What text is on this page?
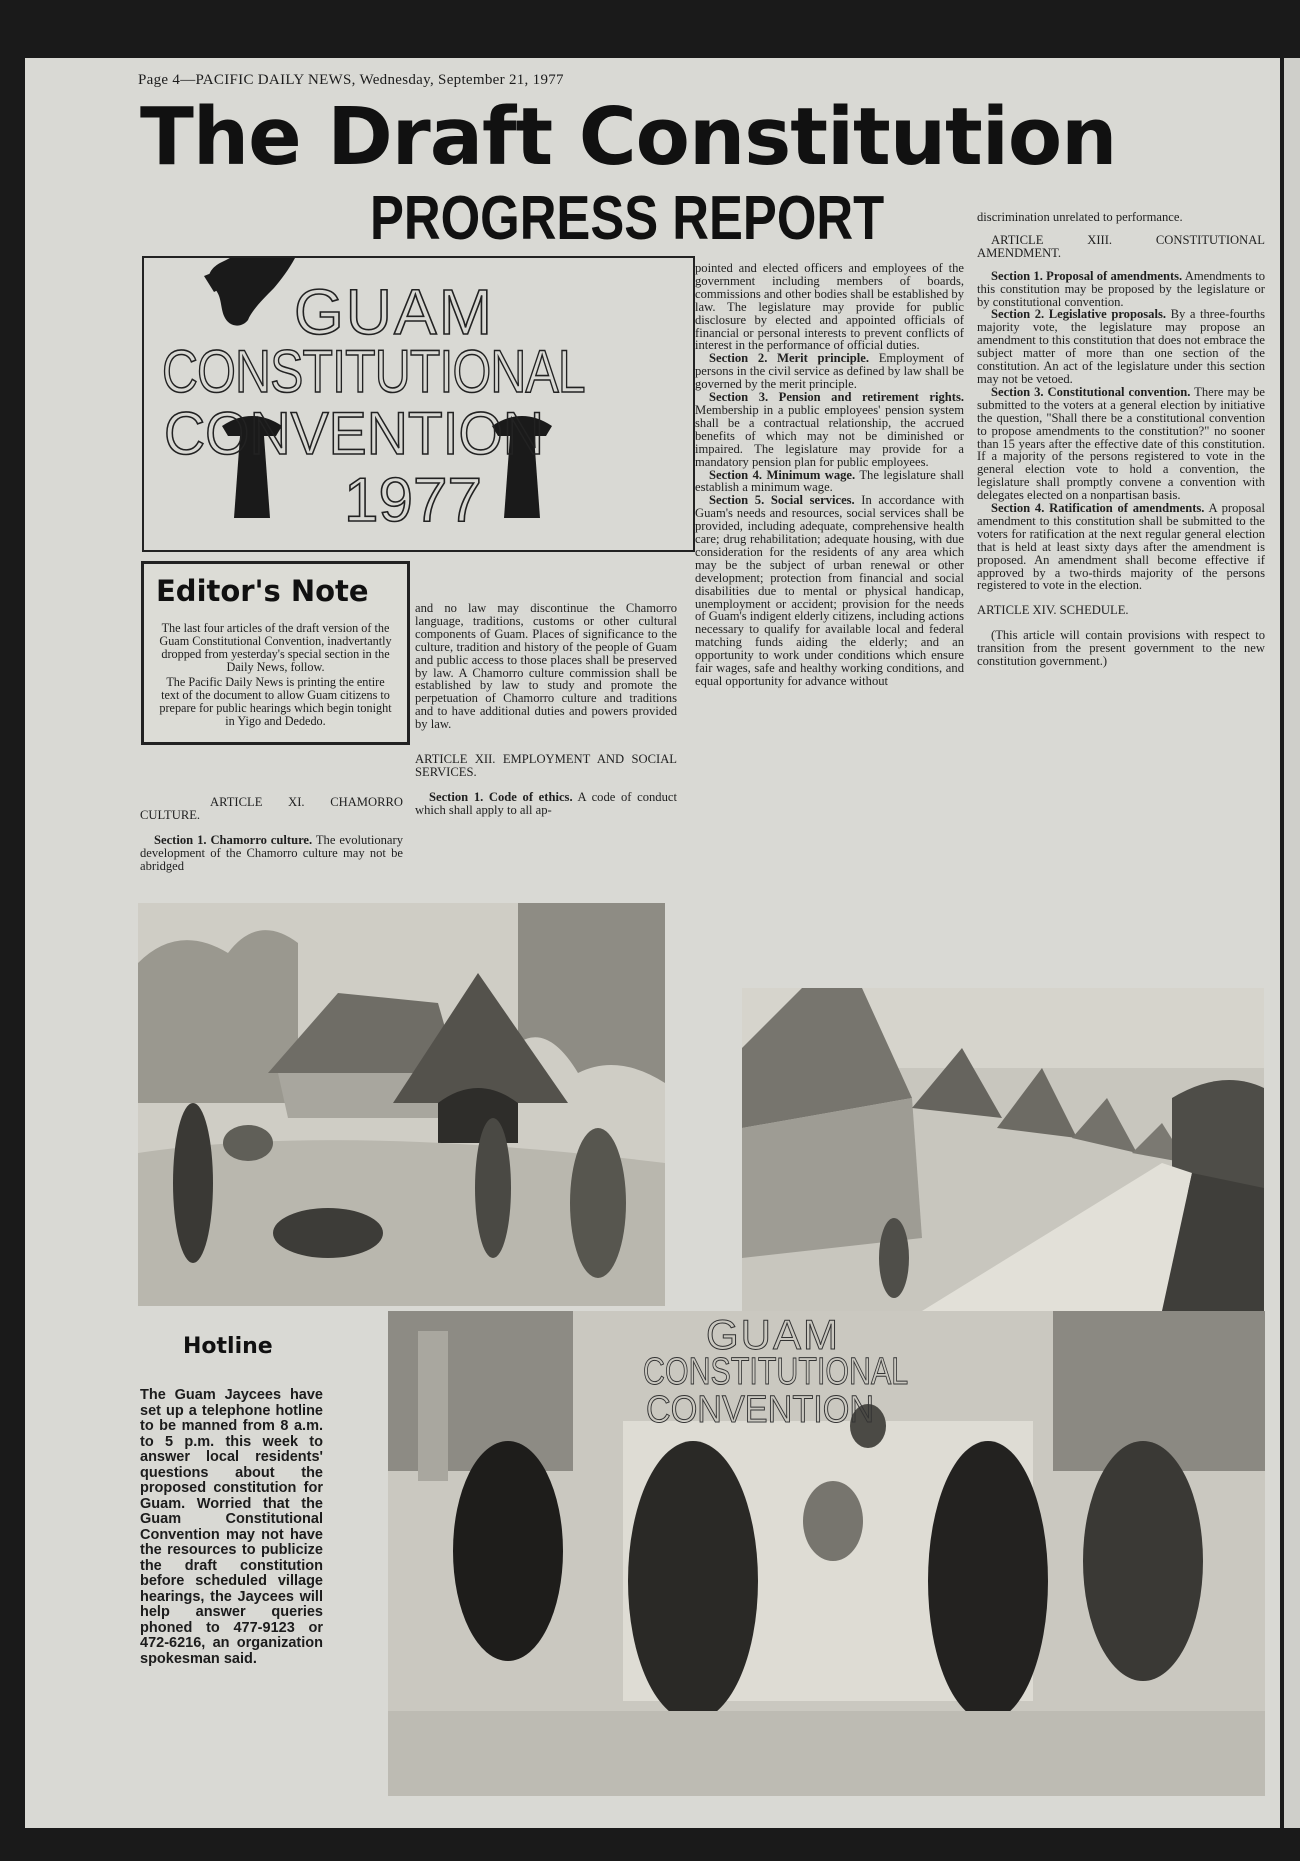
Page 4—PACIFIC DAILY NEWS, Wednesday, September 21, 1977
The Draft Constitution
PROGRESS REPORT
GUAM
CONSTITUTIONAL
CONVENTION
1977
Editor's Note

The last four articles of the draft version of the Guam Constitutional Convention, inadvertantly dropped from yesterday's special section in the Daily News, follow.

The Pacific Daily News is printing the entire text of the document to allow Guam citizens to prepare for public hearings which begin tonight in Yigo and Dededo.

ARTICLE XI. CHAMORRO CULTURE.

Section 1. Chamorro culture. The evolutionary development of the Chamorro culture may not be abridged

and no law may discontinue the Chamorro language, traditions, customs or other cultural components of Guam. Places of significance to the culture, tradition and history of the people of Guam and public access to those places shall be preserved by law. A Chamorro culture commission shall be established by law to study and promote the perpetuation of Chamorro culture and traditions and to have additional duties and powers provided by law.

ARTICLE XII. EMPLOYMENT AND SOCIAL SERVICES.

Section 1. Code of ethics. A code of conduct which shall apply to all ap-

pointed and elected officers and employees of the government including members of boards, commissions and other bodies shall be established by law. The legislature may provide for public disclosure by elected and appointed officials of financial or personal interests to prevent conflicts of interest in the performance of official duties.

Section 2. Merit principle. Employment of persons in the civil service as defined by law shall be governed by the merit principle.

Section 3. Pension and retirement rights. Membership in a public employees' pension system shall be a contractual relationship, the accrued benefits of which may not be diminished or impaired. The legislature may provide for a mandatory pension plan for public employees.

Section 4. Minimum wage. The legislature shall establish a minimum wage.

Section 5. Social services. In accordance with Guam's needs and resources, social services shall be provided, including adequate, comprehensive health care; drug rehabilitation; adequate housing, with due consideration for the residents of any area which may be the subject of urban renewal or other development; protection from financial and social disabilities due to mental or physical handicap, unemployment or accident; provision for the needs of Guam's indigent elderly citizens, including actions necessary to qualify for available local and federal matching funds aiding the elderly; and an opportunity to work under conditions which ensure fair wages, safe and healthy working conditions, and equal opportunity for advance without

discrimination unrelated to performance.

ARTICLE XIII. CONSTITUTIONAL AMENDMENT.

Section 1. Proposal of amendments. Amendments to this constitution may be proposed by the legislature or by constitutional convention.

Section 2. Legislative proposals. By a three-fourths majority vote, the legislature may propose an amendment to this constitution that does not embrace the subject matter of more than one section of the constitution. An act of the legislature under this section may not be vetoed.

Section 3. Constitutional convention. There may be submitted to the voters at a general election by initiative the question, "Shall there be a constitutional convention to propose amendments to the constitution?" no sooner than 15 years after the effective date of this constitution. If a majority of the persons registered to vote in the general election vote to hold a convention, the legislature shall promptly convene a convention with delegates elected on a nonpartisan basis.

Section 4. Ratification of amendments. A proposal amendment to this constitution shall be submitted to the voters for ratification at the next regular general election that is held at least sixty days after the amendment is proposed. An amendment shall become effective if approved by a two-thirds majority of the persons registered to vote in the election.

ARTICLE XIV. SCHEDULE.

(This article will contain provisions with respect to transition from the present government to the new constitution government.)

GUAM
CONSTITUTIONAL
CONVENTION
Hotline
The Guam Jaycees have set up a telephone hotline to be manned from 8 a.m. to 5 p.m. this week to answer local residents' questions about the proposed constitution for Guam. Worried that the Guam Constitutional Convention may not have the resources to publicize the draft constitution before scheduled village hearings, the Jaycees will help answer queries phoned to 477-9123 or 472-6216, an organization spokesman said.
